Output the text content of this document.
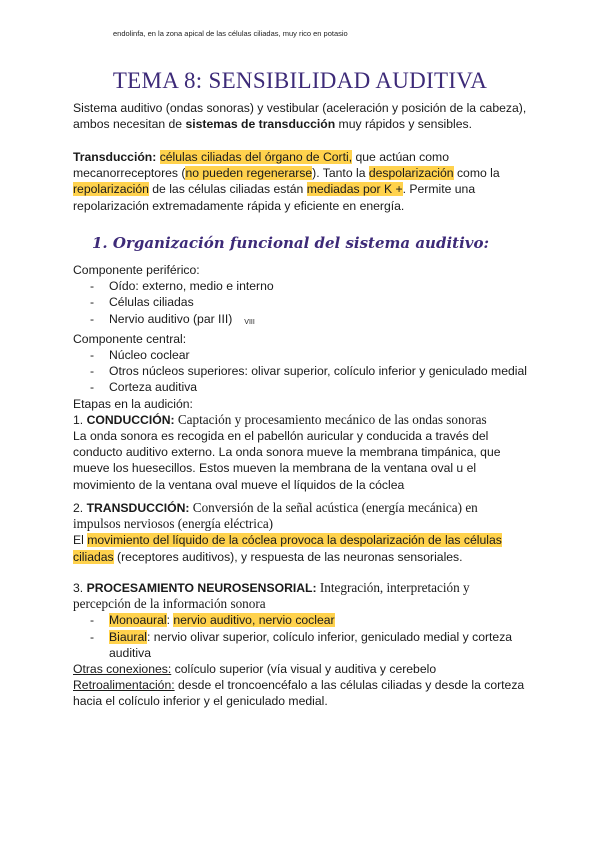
endolinfa, en la zona apical de las células ciliadas, muy rico en potasio
TEMA 8: SENSIBILIDAD AUDITIVA

Sistema auditivo (ondas sonoras) y vestibular (aceleración y posición de la cabeza),

ambos necesitan de sistemas de transducción muy rápidos y sensibles.

Transducción: células ciliadas del órgano de Corti, que actúan como

mecanorreceptores (no pueden regenerarse). Tanto la despolarización como la

repolarización de las células ciliadas están mediadas por K +. Permite una

repolarización extremadamente rápida y eficiente en energía.

1. Organización funcional del sistema auditivo:

Componente periférico:

- Oído: externo, medio e interno
- Células ciliadas
- Nervio auditivo (par III) VIII

Componente central:

- Núcleo coclear
- Otros núcleos superiores: olivar superior, colículo inferior y geniculado medial
- Corteza auditiva

Etapas en la audición:

1. CONDUCCIÓN: Captación y procesamiento mecánico de las ondas sonoras

La onda sonora es recogida en el pabellón auricular y conducida a través del

conducto auditivo externo. La onda sonora mueve la membrana timpánica, que

mueve los huesecillos. Estos mueven la membrana de la ventana oval u el

movimiento de la ventana oval mueve el líquidos de la cóclea

2. TRANSDUCCIÓN: Conversión de la señal acústica (energía mecánica) en

impulsos nerviosos (energía eléctrica)

El movimiento del líquido de la cóclea provoca la despolarización de las células

ciliadas (receptores auditivos), y respuesta de las neuronas sensoriales.

3. PROCESAMIENTO NEUROSENSORIAL: Integración, interpretación y

percepción de la información sonora

- Monoaural: nervio auditivo, nervio coclear
- Biaural: nervio olivar superior, colículo inferior, geniculado medial y corteza
auditiva

Otras conexiones: colículo superior (vía visual y auditiva y cerebelo

Retroalimentación: desde el troncoencéfalo a las células ciliadas y desde la corteza

hacia el colículo inferior y el geniculado medial.
